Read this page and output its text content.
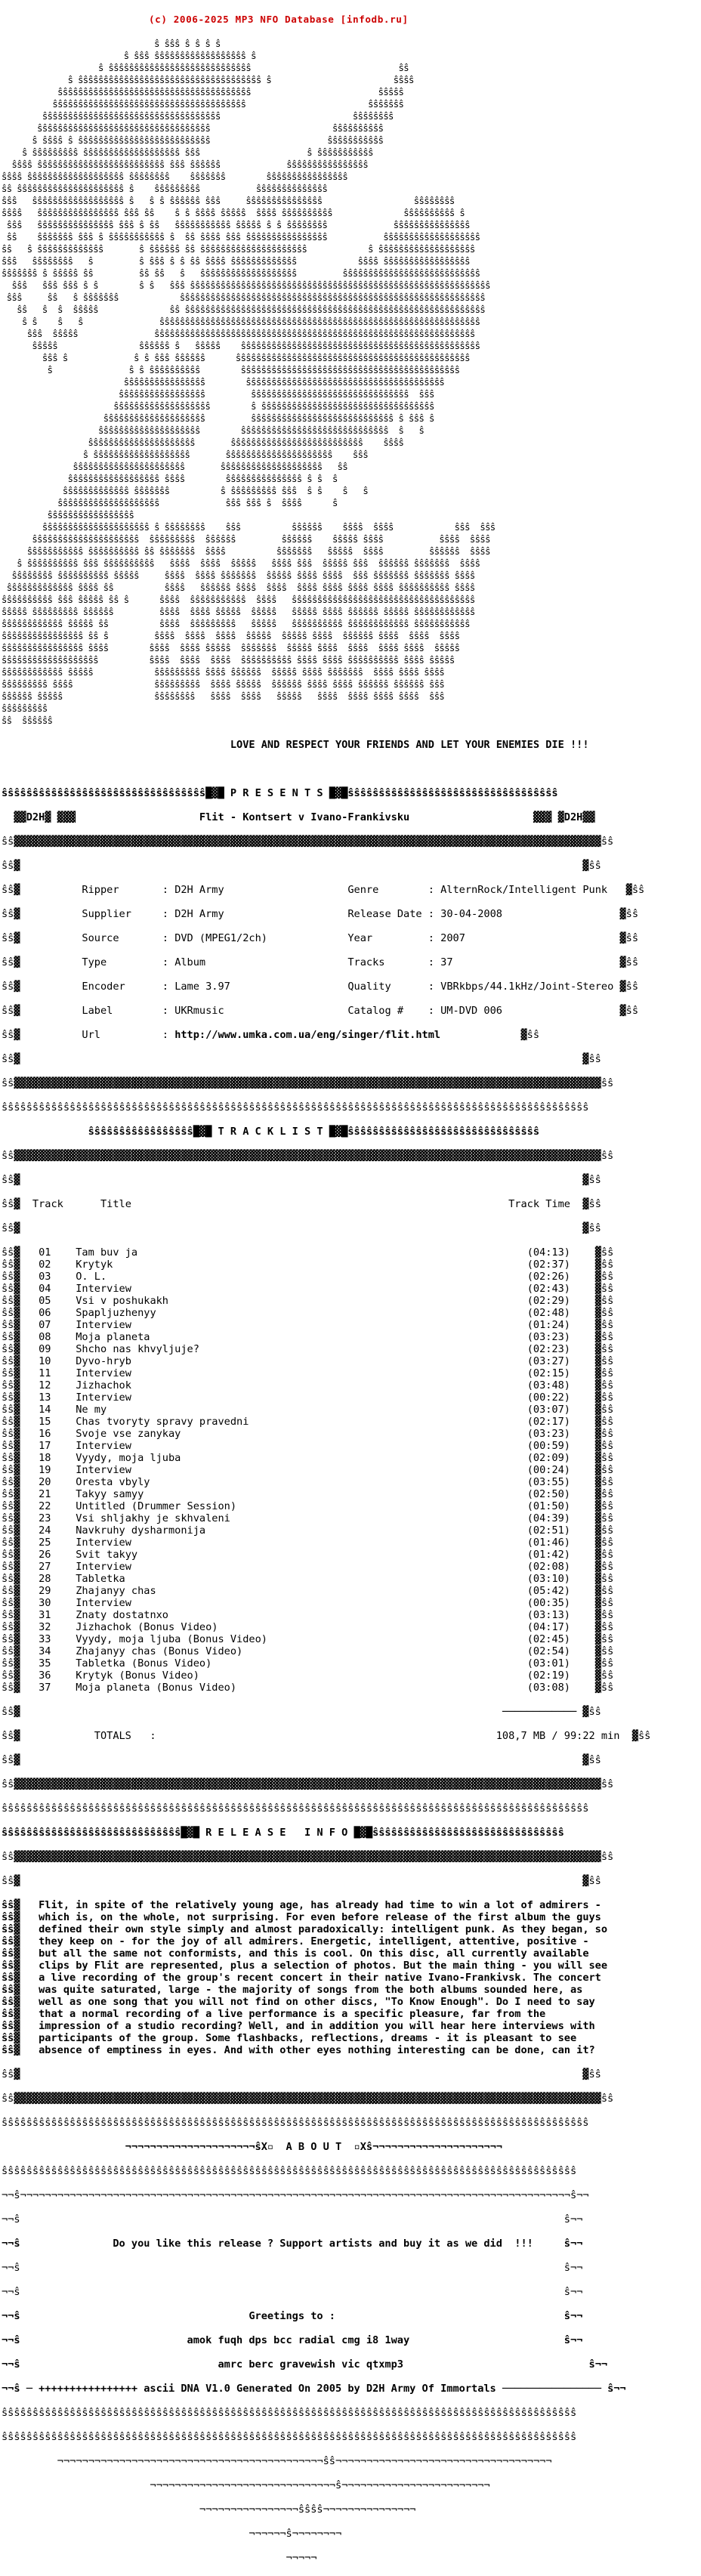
(c) 2006-2025 MP3 NFO Database [infodb.ru]

ŝ ŝŝŝ ŝ ŝ ŝ ŝ
ŝ ŝŝŝ ŝŝŝŝŝŝŝŝŝŝŝŝŝŝŝŝŝŝ ŝ
ŝ ŝŝŝŝŝŝŝŝŝŝŝŝŝŝŝŝŝŝŝŝŝŝŝŝŝŝŝŝ                             ŝŝ
ŝ ŝŝŝŝŝŝŝŝŝŝŝŝŝŝŝŝŝŝŝŝŝŝŝŝŝŝŝŝŝŝŝŝŝŝŝŝ ŝ                        ŝŝŝŝ
ŝŝŝŝŝŝŝŝŝŝŝŝŝŝŝŝŝŝŝŝŝŝŝŝŝŝŝŝŝŝŝŝŝŝŝŝŝŝ                         ŝŝŝŝŝ
ŝŝŝŝŝŝŝŝŝŝŝŝŝŝŝŝŝŝŝŝŝŝŝŝŝŝŝŝŝŝŝŝŝŝŝŝŝŝ                        ŝŝŝŝŝŝŝ
ŝŝŝŝŝŝŝŝŝŝŝŝŝŝŝŝŝŝŝŝŝŝŝŝŝŝŝŝŝŝŝŝŝŝŝ                          ŝŝŝŝŝŝŝŝ
ŝŝŝŝŝŝŝŝŝŝŝŝŝŝŝŝŝŝŝŝŝŝŝŝŝŝŝŝŝŝŝŝŝŝ                        ŝŝŝŝŝŝŝŝŝŝ
ŝ ŝŝŝŝ ŝ ŝŝŝŝŝŝŝŝŝŝŝŝŝŝŝŝŝŝŝŝŝŝŝŝŝŝ                       ŝŝŝŝŝŝŝŝŝŝŝ
ŝ ŝŝŝŝŝŝŝŝŝ ŝŝŝŝŝŝŝŝŝŝŝŝŝŝŝŝŝŝŝ ŝŝŝ                     ŝ ŝŝŝŝŝŝŝŝŝŝŝ
ŝŝŝŝ ŝŝŝŝŝŝŝŝŝŝŝŝŝŝŝŝŝŝŝŝŝŝŝŝŝ ŝŝŝ ŝŝŝŝŝŝ             ŝŝŝŝŝŝŝŝŝŝŝŝŝŝŝŝ
ŝŝŝŝ ŝŝŝŝŝŝŝŝŝŝŝŝŝŝŝŝŝŝŝ ŝŝŝŝŝŝŝŝ    ŝŝŝŝŝŝŝ        ŝŝŝŝŝŝŝŝŝŝŝŝŝŝŝŝ
ŝŝ ŝŝŝŝŝŝŝŝŝŝŝŝŝŝŝŝŝŝŝŝŝ ŝ    ŝŝŝŝŝŝŝŝŝ           ŝŝŝŝŝŝŝŝŝŝŝŝŝŝ
ŝŝŝ   ŝŝŝŝŝŝŝŝŝŝŝŝŝŝŝŝŝŝ ŝ   ŝ ŝ ŝŝŝŝŝŝ ŝŝŝ     ŝŝŝŝŝŝŝŝŝŝŝŝŝŝŝ                  ŝŝŝŝŝŝŝŝ
ŝŝŝŝ   ŝŝŝŝŝŝŝŝŝŝŝŝŝŝŝŝ ŝŝŝ ŝŝ    ŝ ŝ ŝŝŝŝ ŝŝŝŝŝ  ŝŝŝŝ ŝŝŝŝŝŝŝŝŝŝ              ŝŝŝŝŝŝŝŝŝŝ ŝ
ŝŝŝ   ŝŝŝŝŝŝŝŝŝŝŝŝŝŝŝ ŝŝŝ ŝ ŝŝ   ŝŝŝŝŝŝŝŝŝŝŝ ŝŝŝŝŝ ŝ ŝ ŝŝŝŝŝŝŝŝ             ŝŝŝŝŝŝŝŝŝŝŝŝŝŝŝ
ŝŝ    ŝŝŝŝŝŝŝ ŝŝŝ ŝ ŝŝŝŝŝŝŝŝŝŝŝ ŝ  ŝŝ ŝŝŝŝ ŝŝŝ ŝŝŝŝŝŝŝŝŝŝŝŝŝŝŝŝ           ŝŝŝŝŝŝŝŝŝŝŝŝŝŝŝŝŝŝŝ
ŝŝ   ŝ ŝŝŝŝŝŝŝŝŝŝŝŝŝ       ŝ ŝŝŝŝŝŝ ŝŝ ŝŝŝŝŝŝŝŝŝŝŝŝŝŝŝŝŝŝŝŝŝ            ŝ ŝŝŝŝŝŝŝŝŝŝŝŝŝŝŝŝŝŝŝ
ŝŝŝ   ŝŝŝŝŝŝŝŝ   ŝ         ŝ ŝŝŝ ŝ ŝ ŝŝ ŝŝŝŝ ŝŝŝŝŝŝŝŝŝŝŝŝŝ            ŝŝŝŝ ŝŝŝŝŝŝŝŝŝŝŝŝŝŝŝŝŝ
ŝŝŝŝŝŝŝ ŝ ŝŝŝŝŝ ŝŝ         ŝŝ ŝŝ   ŝ   ŝŝŝŝŝŝŝŝŝŝŝŝŝŝŝŝŝŝŝ         ŝŝŝŝŝŝŝŝŝŝŝŝŝŝŝŝŝŝŝŝŝŝŝŝŝŝŝ
ŝŝŝ   ŝŝŝ ŝŝŝ ŝ ŝ        ŝ ŝ   ŝŝŝ ŝŝŝŝŝŝŝŝŝŝŝŝŝŝŝŝŝŝŝŝŝŝŝŝŝŝŝŝŝŝŝŝŝŝŝŝŝŝŝŝŝŝŝŝŝŝŝŝŝŝŝŝŝŝŝŝŝŝŝ
ŝŝŝ     ŝŝ   ŝ ŝŝŝŝŝŝŝ            ŝŝŝŝŝŝŝŝŝŝŝŝŝŝŝŝŝŝŝŝŝŝŝŝŝŝŝŝŝŝŝŝŝŝŝŝŝŝŝŝŝŝŝŝŝŝŝŝŝŝŝŝŝŝŝŝŝŝŝŝ
ŝŝ   ŝ  ŝ  ŝŝŝŝŝ              ŝŝ ŝŝŝŝŝŝŝŝŝŝŝŝŝŝŝŝŝŝŝŝŝŝŝŝŝŝŝŝŝŝŝŝŝŝŝŝŝŝŝŝŝŝŝŝŝŝŝŝŝŝŝŝŝŝŝŝŝŝŝ
ŝ ŝ    ŝ   ŝ               ŝŝŝŝŝŝŝŝŝŝŝŝŝŝŝŝŝŝŝŝŝŝŝŝŝŝŝŝŝŝŝŝŝŝŝŝŝŝŝŝŝŝŝŝŝŝŝŝŝŝŝŝŝŝŝŝŝŝŝŝŝŝŝ
ŝŝŝ  ŝŝŝŝŝ               ŝŝŝŝŝŝŝŝŝŝŝŝŝŝŝŝŝŝŝŝŝŝŝŝŝŝŝŝŝŝŝŝŝŝŝŝŝŝŝŝŝŝŝŝŝŝŝŝŝŝŝŝŝŝŝŝŝŝŝŝŝŝŝ
ŝŝŝŝŝ                ŝŝŝŝŝŝ ŝ   ŝŝŝŝŝ    ŝŝŝŝŝŝŝŝŝŝŝŝŝŝŝŝŝŝŝŝŝŝŝŝŝŝŝŝŝŝŝŝŝŝŝŝŝŝŝŝŝŝŝŝŝŝŝ
ŝŝŝ ŝ             ŝ ŝ ŝŝŝ ŝŝŝŝŝŝ      ŝŝŝŝŝŝŝŝŝŝŝŝŝŝŝŝŝŝŝŝŝŝŝŝŝŝŝŝŝŝŝŝŝŝŝŝŝŝŝŝŝŝŝŝŝŝ
ŝ               ŝ ŝ ŝŝŝŝŝŝŝŝŝŝ        ŝŝŝŝŝŝŝŝŝŝŝŝŝŝŝŝŝŝŝŝŝŝŝŝŝŝŝŝŝŝŝŝŝŝŝŝŝŝŝŝŝŝŝ
ŝŝŝŝŝŝŝŝŝŝŝŝŝŝŝŝ        ŝŝŝŝŝŝŝŝŝŝŝŝŝŝŝŝŝŝŝŝŝŝŝŝŝŝŝŝŝŝŝŝŝŝŝŝŝŝŝ
ŝŝŝŝŝŝŝŝŝŝŝŝŝŝŝŝŝ         ŝŝŝŝŝŝŝŝŝŝŝŝŝŝŝŝŝŝŝŝŝŝŝŝŝŝŝŝŝŝŝ  ŝŝŝ
ŝŝŝŝŝŝŝŝŝŝŝŝŝŝŝŝŝŝŝ        ŝ ŝŝŝŝŝŝŝŝŝŝŝŝŝŝŝŝŝŝŝŝŝŝŝŝŝŝŝŝŝŝŝŝŝŝ
ŝŝŝŝŝŝŝŝŝŝŝŝŝŝŝŝŝŝŝŝ         ŝŝŝŝŝŝŝŝŝŝŝŝŝŝŝŝŝŝŝŝŝŝŝŝŝŝŝŝ ŝ ŝŝŝ ŝ
ŝŝŝŝŝŝŝŝŝŝŝŝŝŝŝŝŝŝŝŝ        ŝŝŝŝŝŝŝŝŝŝŝŝŝŝŝŝŝŝŝŝŝŝŝŝŝŝŝŝŝ  ŝ   ŝ
ŝŝŝŝŝŝŝŝŝŝŝŝŝŝŝŝŝŝŝŝŝ       ŝŝŝŝŝŝŝŝŝŝŝŝŝŝŝŝŝŝŝŝŝŝŝŝŝŝ    ŝŝŝŝ
ŝ ŝŝŝŝŝŝŝŝŝŝŝŝŝŝŝŝŝŝŝ       ŝŝŝŝŝŝŝŝŝŝŝŝŝŝŝŝŝŝŝŝŝ    ŝŝŝ
ŝŝŝŝŝŝŝŝŝŝŝŝŝŝŝŝŝŝŝŝŝŝ       ŝŝŝŝŝŝŝŝŝŝŝŝŝŝŝŝŝŝŝŝ   ŝŝ
ŝŝŝŝŝŝŝŝŝŝŝŝŝŝŝŝŝŝ ŝŝŝŝ        ŝŝŝŝŝŝŝŝŝŝŝŝŝŝŝ ŝ ŝ  ŝ
ŝŝŝŝŝŝŝŝŝŝŝŝŝ ŝŝŝŝŝŝŝ          ŝ ŝŝŝŝŝŝŝŝŝ ŝŝŝ  ŝ ŝ    ŝ   ŝ
ŝŝŝŝŝŝŝŝŝŝŝŝŝŝŝŝŝŝŝŝ             ŝŝŝ ŝŝŝ ŝ  ŝŝŝŝ      ŝ
ŝŝŝŝŝŝŝŝŝŝŝŝŝŝŝŝŝ
ŝŝŝŝŝŝŝŝŝŝŝŝŝŝŝŝŝŝŝŝŝ ŝ ŝŝŝŝŝŝŝŝ    ŝŝŝ          ŝŝŝŝŝŝ    ŝŝŝŝ  ŝŝŝŝ            ŝŝŝ  ŝŝŝ
ŝŝŝŝŝŝŝŝŝŝŝŝŝŝŝŝŝŝŝŝŝ  ŝŝŝŝŝŝŝŝŝ  ŝŝŝŝŝŝ         ŝŝŝŝŝŝ    ŝŝŝŝŝ ŝŝŝŝ           ŝŝŝŝ  ŝŝŝŝ
ŝŝŝŝŝŝŝŝŝŝŝ ŝŝŝŝŝŝŝŝŝŝ ŝŝ ŝŝŝŝŝŝŝ  ŝŝŝŝ          ŝŝŝŝŝŝŝ   ŝŝŝŝŝ  ŝŝŝŝ         ŝŝŝŝŝŝ  ŝŝŝŝ
ŝ ŝŝŝŝŝŝŝŝŝŝ ŝŝŝ ŝŝŝŝŝŝŝŝŝŝ   ŝŝŝŝ  ŝŝŝŝ  ŝŝŝŝŝ   ŝŝŝŝ ŝŝŝ  ŝŝŝŝŝ ŝŝŝ  ŝŝŝŝŝŝ ŝŝŝŝŝŝŝ  ŝŝŝŝ
ŝŝŝŝŝŝŝŝ ŝŝŝŝŝŝŝŝŝŝ ŝŝŝŝŝ     ŝŝŝŝ  ŝŝŝŝ ŝŝŝŝŝŝŝ  ŝŝŝŝŝ ŝŝŝŝ ŝŝŝŝ  ŝŝŝ ŝŝŝŝŝŝŝ ŝŝŝŝŝŝŝ ŝŝŝŝ
ŝŝŝŝŝŝŝŝŝŝŝŝŝ ŝŝŝŝ ŝŝ          ŝŝŝŝ   ŝŝŝŝŝŝ ŝŝŝŝ  ŝŝŝŝ  ŝŝŝŝ ŝŝŝŝ ŝŝŝŝ ŝŝŝŝ ŝŝŝŝŝŝŝŝŝŝ ŝŝŝŝ
ŝŝŝŝŝŝŝŝŝŝ ŝŝŝ ŝŝŝŝŝ ŝŝ ŝ      ŝŝŝŝ  ŝŝŝŝŝŝŝŝŝŝŝ  ŝŝŝŝ   ŝŝŝŝŝŝŝŝŝŝŝŝŝŝŝŝŝŝŝŝŝŝŝŝŝŝŝŝŝŝŝŝŝŝŝŝ
ŝŝŝŝŝ ŝŝŝŝŝŝŝŝŝ ŝŝŝŝŝŝ         ŝŝŝŝ  ŝŝŝŝ ŝŝŝŝŝ  ŝŝŝŝŝ   ŝŝŝŝŝ ŝŝŝŝ ŝŝŝŝŝŝ ŝŝŝŝŝ ŝŝŝŝŝŝŝŝŝŝŝŝ
ŝŝŝŝŝŝŝŝŝŝŝŝ ŝŝŝŝŝ ŝŝ          ŝŝŝŝ  ŝŝŝŝŝŝŝŝŝ   ŝŝŝŝŝ   ŝŝŝŝŝŝŝŝŝŝ ŝŝŝŝŝŝŝŝŝŝŝŝ ŝŝŝŝŝŝŝŝŝŝŝ
ŝŝŝŝŝŝŝŝŝŝŝŝŝŝŝŝ ŝŝ ŝ         ŝŝŝŝ  ŝŝŝŝ  ŝŝŝŝ  ŝŝŝŝŝ  ŝŝŝŝŝ ŝŝŝŝ  ŝŝŝŝŝŝ ŝŝŝŝ  ŝŝŝŝ  ŝŝŝŝ
ŝŝŝŝŝŝŝŝŝŝŝŝŝŝŝŝ ŝŝŝŝ        ŝŝŝŝ  ŝŝŝŝ ŝŝŝŝŝ  ŝŝŝŝŝŝŝ  ŝŝŝŝŝ ŝŝŝŝ  ŝŝŝŝ  ŝŝŝŝ ŝŝŝŝ  ŝŝŝŝŝ
ŝŝŝŝŝŝŝŝŝŝŝŝŝŝŝŝŝŝŝ          ŝŝŝŝ  ŝŝŝŝ  ŝŝŝŝ  ŝŝŝŝŝŝŝŝŝŝ ŝŝŝŝ ŝŝŝŝ ŝŝŝŝŝŝŝŝŝŝ ŝŝŝŝ ŝŝŝŝŝ
ŝŝŝŝŝŝŝŝŝŝŝŝ ŝŝŝŝŝ            ŝŝŝŝŝŝŝŝŝ ŝŝŝŝ ŝŝŝŝŝŝ  ŝŝŝŝŝ ŝŝŝŝ ŝŝŝŝŝŝŝ  ŝŝŝŝ ŝŝŝŝ ŝŝŝŝ
ŝŝŝŝŝŝŝŝŝ ŝŝŝŝ                ŝŝŝŝŝŝŝŝŝ  ŝŝŝŝ ŝŝŝŝŝ  ŝŝŝŝŝŝ ŝŝŝŝ ŝŝŝŝ ŝŝŝŝŝŝ ŝŝŝŝŝŝ ŝŝŝ
ŝŝŝŝŝŝ ŝŝŝŝŝ                  ŝŝŝŝŝŝŝŝ   ŝŝŝŝ  ŝŝŝŝ   ŝŝŝŝŝ   ŝŝŝŝ  ŝŝŝŝ ŝŝŝŝ ŝŝŝŝ  ŝŝŝ
ŝŝŝŝŝŝŝŝŝ
ŝŝ  ŝŝŝŝŝŝ

LOVE AND RESPECT YOUR FRIENDS AND LET YOUR ENEMIES DIE !!!

ŝŝŝŝŝŝŝŝŝŝŝŝŝŝŝŝŝŝŝŝŝŝŝŝŝŝŝŝŝŝŝŝŝ█▓█ P R E S E N T S █▓█ŝŝŝŝŝŝŝŝŝŝŝŝŝŝŝŝŝŝŝŝŝŝŝŝŝŝŝŝŝŝŝŝŝŝ

▓▓D2H▓ ▓▓▓                    Flit - Kontsert v Ivano-Frankivsku                    ▓▓▓ ▓D2H▓▓

ŝŝ▓▓▓▓▓▓▓▓▓▓▓▓▓▓▓▓▓▓▓▓▓▓▓▓▓▓▓▓▓▓▓▓▓▓▓▓▓▓▓▓▓▓▓▓▓▓▓▓▓▓▓▓▓▓▓▓▓▓▓▓▓▓▓▓▓▓▓▓▓▓▓▓▓▓▓▓▓▓▓▓▓▓▓▓▓▓▓▓▓▓▓▓▓▓▓ŝŝ

ŝŝ▓                                                                                           ▓ŝŝ

ŝŝ▓          Ripper       : D2H Army	Genre        : AlternRock/Intelligent Punk   ▓ŝŝ

ŝŝ▓          Supplier     : D2H Army	Release Date : 30-04-2008                   ▓ŝŝ

ŝŝ▓          Source       : DVD (MPEG1/2ch)	Year         : 2007                         ▓ŝŝ

ŝŝ▓          Type         : Album	Tracks       : 37                           ▓ŝŝ

ŝŝ▓          Encoder      : Lame 3.97	Quality      : VBRkbps/44.1kHz/Joint-Stereo ▓ŝŝ

ŝŝ▓          Label        : UKRmusic	Catalog #    : UM-DVD 006                   ▓ŝŝ

ŝŝ▓          Url          : http://www.umka.com.ua/eng/singer/flit.html             ▓ŝŝ

ŝŝ▓                                                                                           ▓ŝŝ

ŝŝ▓▓▓▓▓▓▓▓▓▓▓▓▓▓▓▓▓▓▓▓▓▓▓▓▓▓▓▓▓▓▓▓▓▓▓▓▓▓▓▓▓▓▓▓▓▓▓▓▓▓▓▓▓▓▓▓▓▓▓▓▓▓▓▓▓▓▓▓▓▓▓▓▓▓▓▓▓▓▓▓▓▓▓▓▓▓▓▓▓▓▓▓▓▓▓ŝŝ

ŝŝŝŝŝŝŝŝŝŝŝŝŝŝŝŝŝŝŝŝŝŝŝŝŝŝŝŝŝŝŝŝŝŝŝŝŝŝŝŝŝŝŝŝŝŝŝŝŝŝŝŝŝŝŝŝŝŝŝŝŝŝŝŝŝŝŝŝŝŝŝŝŝŝŝŝŝŝŝŝŝŝŝŝŝŝŝŝŝŝŝŝŝŝŝ

ŝŝŝŝŝŝŝŝŝŝŝŝŝŝŝŝŝ█▓█ T R A C K L I S T █▓█ŝŝŝŝŝŝŝŝŝŝŝŝŝŝŝŝŝŝŝŝŝŝŝŝŝŝŝŝŝŝŝ

ŝŝ▓▓▓▓▓▓▓▓▓▓▓▓▓▓▓▓▓▓▓▓▓▓▓▓▓▓▓▓▓▓▓▓▓▓▓▓▓▓▓▓▓▓▓▓▓▓▓▓▓▓▓▓▓▓▓▓▓▓▓▓▓▓▓▓▓▓▓▓▓▓▓▓▓▓▓▓▓▓▓▓▓▓▓▓▓▓▓▓▓▓▓▓▓▓▓ŝŝ

ŝŝ▓                                                                                           ▓ŝŝ

ŝŝ▓  Track	Title	Track Time  ▓ŝŝ

ŝŝ▓                                                                                           ▓ŝŝ

ŝŝ▓   01 Tam buv ja	(04:13)    ▓ŝŝ
ŝŝ▓   02 Krytyk	(02:37)    ▓ŝŝ
ŝŝ▓   03 O. L.	(02:26)    ▓ŝŝ
ŝŝ▓   04 Interview	(02:43)    ▓ŝŝ
ŝŝ▓   05 Vsi v poshukakh	(02:29)    ▓ŝŝ
ŝŝ▓   06 Spapljuzhenyy	(02:48)    ▓ŝŝ
ŝŝ▓   07 Interview	(01:24)    ▓ŝŝ
ŝŝ▓   08 Moja planeta	(03:23)    ▓ŝŝ
ŝŝ▓   09 Shcho nas khvyljuje?	(02:23)    ▓ŝŝ
ŝŝ▓   10 Dyvo-hryb	(03:27)    ▓ŝŝ
ŝŝ▓   11 Interview	(02:15)    ▓ŝŝ
ŝŝ▓   12 Jizhachok	(03:48)    ▓ŝŝ
ŝŝ▓   13 Interview	(00:22)    ▓ŝŝ
ŝŝ▓   14 Ne my	(03:07)    ▓ŝŝ
ŝŝ▓   15 Chas tvoryty spravy pravedni	(02:17)    ▓ŝŝ
ŝŝ▓   16 Svoje vse zanykay	(03:23)    ▓ŝŝ
ŝŝ▓   17 Interview	(00:59)    ▓ŝŝ
ŝŝ▓   18 Vyydy, moja ljuba	(02:09)    ▓ŝŝ
ŝŝ▓   19 Interview	(00:24)    ▓ŝŝ
ŝŝ▓   20 Oresta vbyly	(03:55)    ▓ŝŝ
ŝŝ▓   21 Takyy samyy	(02:50)    ▓ŝŝ
ŝŝ▓   22 Untitled (Drummer Session)	(01:50)    ▓ŝŝ
ŝŝ▓   23 Vsi shljakhy je skhvaleni	(04:39)    ▓ŝŝ
ŝŝ▓   24 Navkruhy dysharmonija	(02:51)    ▓ŝŝ
ŝŝ▓   25 Interview	(01:46)    ▓ŝŝ
ŝŝ▓   26 Svit takyy	(01:42)    ▓ŝŝ
ŝŝ▓   27 Interview	(02:08)    ▓ŝŝ
ŝŝ▓   28 Tabletka	(03:10)    ▓ŝŝ
ŝŝ▓   29 Zhajanyy chas	(05:42)    ▓ŝŝ
ŝŝ▓   30 Interview	(00:35)    ▓ŝŝ
ŝŝ▓   31 Znaty dostatnxo	(03:13)    ▓ŝŝ
ŝŝ▓   32 Jizhachok (Bonus Video)	(04:17)    ▓ŝŝ
ŝŝ▓   33 Vyydy, moja ljuba (Bonus Video)	(02:45)    ▓ŝŝ
ŝŝ▓   34 Zhajanyy chas (Bonus Video)	(02:54)    ▓ŝŝ
ŝŝ▓   35 Tabletka (Bonus Video)	(03:01)    ▓ŝŝ
ŝŝ▓   36 Krytyk (Bonus Video)	(02:19)    ▓ŝŝ
ŝŝ▓   37 Moja planeta (Bonus Video)	(03:08)    ▓ŝŝ

ŝŝ▓                                                                              ──────────── ▓ŝŝ

ŝŝ▓            TOTALS   :	108,7 MB / 99:22 min  ▓ŝŝ

ŝŝ▓                                                                                           ▓ŝŝ

ŝŝ▓▓▓▓▓▓▓▓▓▓▓▓▓▓▓▓▓▓▓▓▓▓▓▓▓▓▓▓▓▓▓▓▓▓▓▓▓▓▓▓▓▓▓▓▓▓▓▓▓▓▓▓▓▓▓▓▓▓▓▓▓▓▓▓▓▓▓▓▓▓▓▓▓▓▓▓▓▓▓▓▓▓▓▓▓▓▓▓▓▓▓▓▓▓▓ŝŝ

ŝŝŝŝŝŝŝŝŝŝŝŝŝŝŝŝŝŝŝŝŝŝŝŝŝŝŝŝŝŝŝŝŝŝŝŝŝŝŝŝŝŝŝŝŝŝŝŝŝŝŝŝŝŝŝŝŝŝŝŝŝŝŝŝŝŝŝŝŝŝŝŝŝŝŝŝŝŝŝŝŝŝŝŝŝŝŝŝŝŝŝŝŝŝŝ

ŝŝŝŝŝŝŝŝŝŝŝŝŝŝŝŝŝŝŝŝŝŝŝŝŝŝŝŝŝ█▓█ R E L E A S E   I N F O █▓█ŝŝŝŝŝŝŝŝŝŝŝŝŝŝŝŝŝŝŝŝŝŝŝŝŝŝŝŝŝŝŝ

ŝŝ▓▓▓▓▓▓▓▓▓▓▓▓▓▓▓▓▓▓▓▓▓▓▓▓▓▓▓▓▓▓▓▓▓▓▓▓▓▓▓▓▓▓▓▓▓▓▓▓▓▓▓▓▓▓▓▓▓▓▓▓▓▓▓▓▓▓▓▓▓▓▓▓▓▓▓▓▓▓▓▓▓▓▓▓▓▓▓▓▓▓▓▓▓▓▓ŝŝ

ŝŝ▓                                                                                           ▓ŝŝ

ŝŝ▓   Flit, in spite of the relatively young age, has already had time to win a lot of admirers -
ŝŝ▓   which is, on the whole, not surprising. For even before release of the first album the guys
ŝŝ▓   defined their own style simply and almost paradoxically: intelligent punk. As they began, so
ŝŝ▓   they keep on - for the joy of all admirers. Energetic, intelligent, attentive, positive -
ŝŝ▓   but all the same not conformists, and this is cool. On this disc, all currently available
ŝŝ▓   clips by Flit are represented, plus a selection of photos. But the main thing - you will see
ŝŝ▓   a live recording of the group's recent concert in their native Ivano-Frankivsk. The concert
ŝŝ▓   was quite saturated, large - the majority of songs from the both albums sounded here, as
ŝŝ▓   well as one song that you will not find on other discs, "To Know Enough". Do I need to say
ŝŝ▓   that a normal recording of a live performance is a specific pleasure, far from the
ŝŝ▓   impression of a studio recording? Well, and in addition you will hear here interviews with
ŝŝ▓   participants of the group. Some flashbacks, reflections, dreams - it is pleasant to see
ŝŝ▓   absence of emptiness in eyes. And with other eyes nothing interesting can be done, can it?

ŝŝ▓                                                                                           ▓ŝŝ

ŝŝ▓▓▓▓▓▓▓▓▓▓▓▓▓▓▓▓▓▓▓▓▓▓▓▓▓▓▓▓▓▓▓▓▓▓▓▓▓▓▓▓▓▓▓▓▓▓▓▓▓▓▓▓▓▓▓▓▓▓▓▓▓▓▓▓▓▓▓▓▓▓▓▓▓▓▓▓▓▓▓▓▓▓▓▓▓▓▓▓▓▓▓▓▓▓▓ŝŝ

ŝŝŝŝŝŝŝŝŝŝŝŝŝŝŝŝŝŝŝŝŝŝŝŝŝŝŝŝŝŝŝŝŝŝŝŝŝŝŝŝŝŝŝŝŝŝŝŝŝŝŝŝŝŝŝŝŝŝŝŝŝŝŝŝŝŝŝŝŝŝŝŝŝŝŝŝŝŝŝŝŝŝŝŝŝŝŝŝŝŝŝŝŝŝŝ

¬¬¬¬¬¬¬¬¬¬¬¬¬¬¬¬¬¬¬¬¬ŝX▫  A B O U T  ▫Xŝ¬¬¬¬¬¬¬¬¬¬¬¬¬¬¬¬¬¬¬¬¬

ŝŝŝŝŝŝŝŝŝŝŝŝŝŝŝŝŝŝŝŝŝŝŝŝŝŝŝŝŝŝŝŝŝŝŝŝŝŝŝŝŝŝŝŝŝŝŝŝŝŝŝŝŝŝŝŝŝŝŝŝŝŝŝŝŝŝŝŝŝŝŝŝŝŝŝŝŝŝŝŝŝŝŝŝŝŝŝŝŝŝŝŝŝ

¬¬ŝ¬¬¬¬¬¬¬¬¬¬¬¬¬¬¬¬¬¬¬¬¬¬¬¬¬¬¬¬¬¬¬¬¬¬¬¬¬¬¬¬¬¬¬¬¬¬¬¬¬¬¬¬¬¬¬¬¬¬¬¬¬¬¬¬¬¬¬¬¬¬¬¬¬¬¬¬¬¬¬¬¬¬¬¬¬¬¬¬¬ŝ¬¬

¬¬ŝ                                                                                        ŝ¬¬

¬¬ŝ               Do you like this release ? Support artists and buy it as we did  !!!     ŝ¬¬

¬¬ŝ                                                                                        ŝ¬¬

¬¬ŝ                                                                                        ŝ¬¬

¬¬ŝ                                     Greetings to :                                     ŝ¬¬

¬¬ŝ                           amok fuqh dps bcc radial cmg i8 1way                         ŝ¬¬

¬¬ŝ                                amrc berc gravewish vic qtxmp3                              ŝ¬¬

¬¬ŝ ─ ++++++++++++++++ ascii DNA V1.0 Generated On 2005 by D2H Army Of Immortals ──────────────── ŝ¬¬

ŝŝŝŝŝŝŝŝŝŝŝŝŝŝŝŝŝŝŝŝŝŝŝŝŝŝŝŝŝŝŝŝŝŝŝŝŝŝŝŝŝŝŝŝŝŝŝŝŝŝŝŝŝŝŝŝŝŝŝŝŝŝŝŝŝŝŝŝŝŝŝŝŝŝŝŝŝŝŝŝŝŝŝŝŝŝŝŝŝŝŝŝŝ

ŝŝŝŝŝŝŝŝŝŝŝŝŝŝŝŝŝŝŝŝŝŝŝŝŝŝŝŝŝŝŝŝŝŝŝŝŝŝŝŝŝŝŝŝŝŝŝŝŝŝŝŝŝŝŝŝŝŝŝŝŝŝŝŝŝŝŝŝŝŝŝŝŝŝŝŝŝŝŝŝŝŝŝŝŝŝŝŝŝŝŝŝŝ

¬¬¬¬¬¬¬¬¬¬¬¬¬¬¬¬¬¬¬¬¬¬¬¬¬¬¬¬¬¬¬¬¬¬¬¬¬¬¬¬¬¬¬ŝŝ¬¬¬¬¬¬¬¬¬¬¬¬¬¬¬¬¬¬¬¬¬¬¬¬¬¬¬¬¬¬¬¬¬¬¬

¬¬¬¬¬¬¬¬¬¬¬¬¬¬¬¬¬¬¬¬¬¬¬¬¬¬¬¬¬¬ŝ¬¬¬¬¬¬¬¬¬¬¬¬¬¬¬¬¬¬¬¬¬¬¬¬

¬¬¬¬¬¬¬¬¬¬¬¬¬¬¬¬ŝŝŝŝ¬¬¬¬¬¬¬¬¬¬¬¬¬¬¬

¬¬¬¬¬¬ŝ¬¬¬¬¬¬¬¬

¬¬¬¬¬
